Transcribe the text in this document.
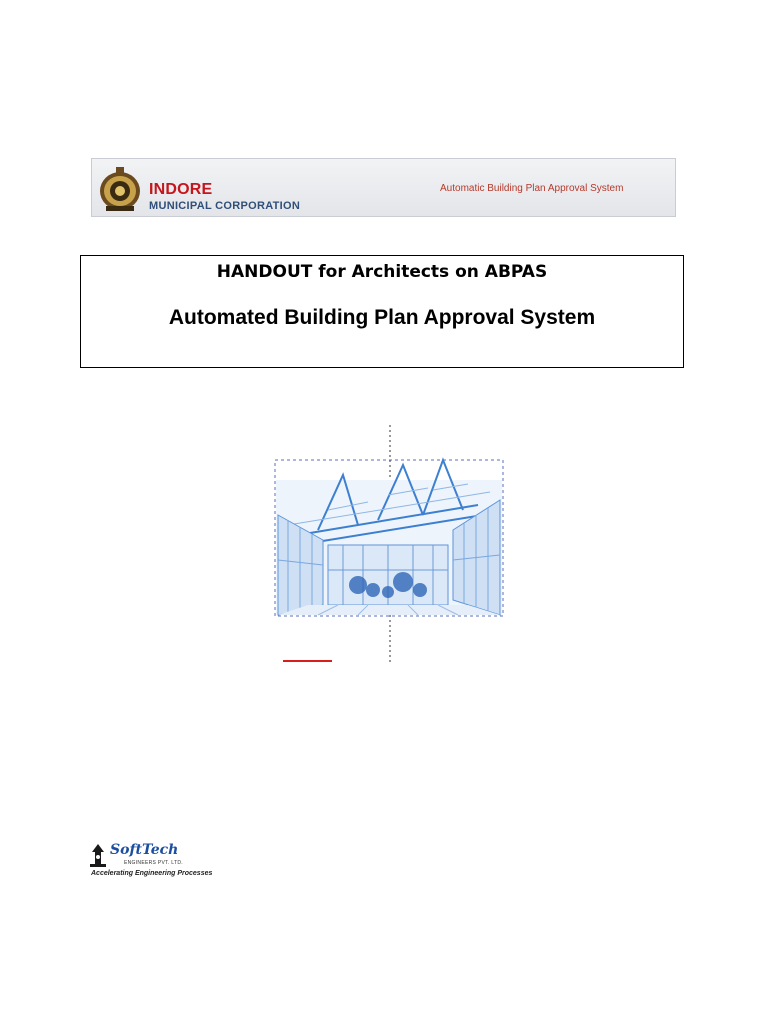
INDORE
MUNICIPAL CORPORATION
Automatic Building Plan Approval System
HANDOUT for Architects on ABPAS
Automated Building Plan Approval System
SoftTech
ENGINEERS PVT. LTD.
Accelerating Engineering Processes
